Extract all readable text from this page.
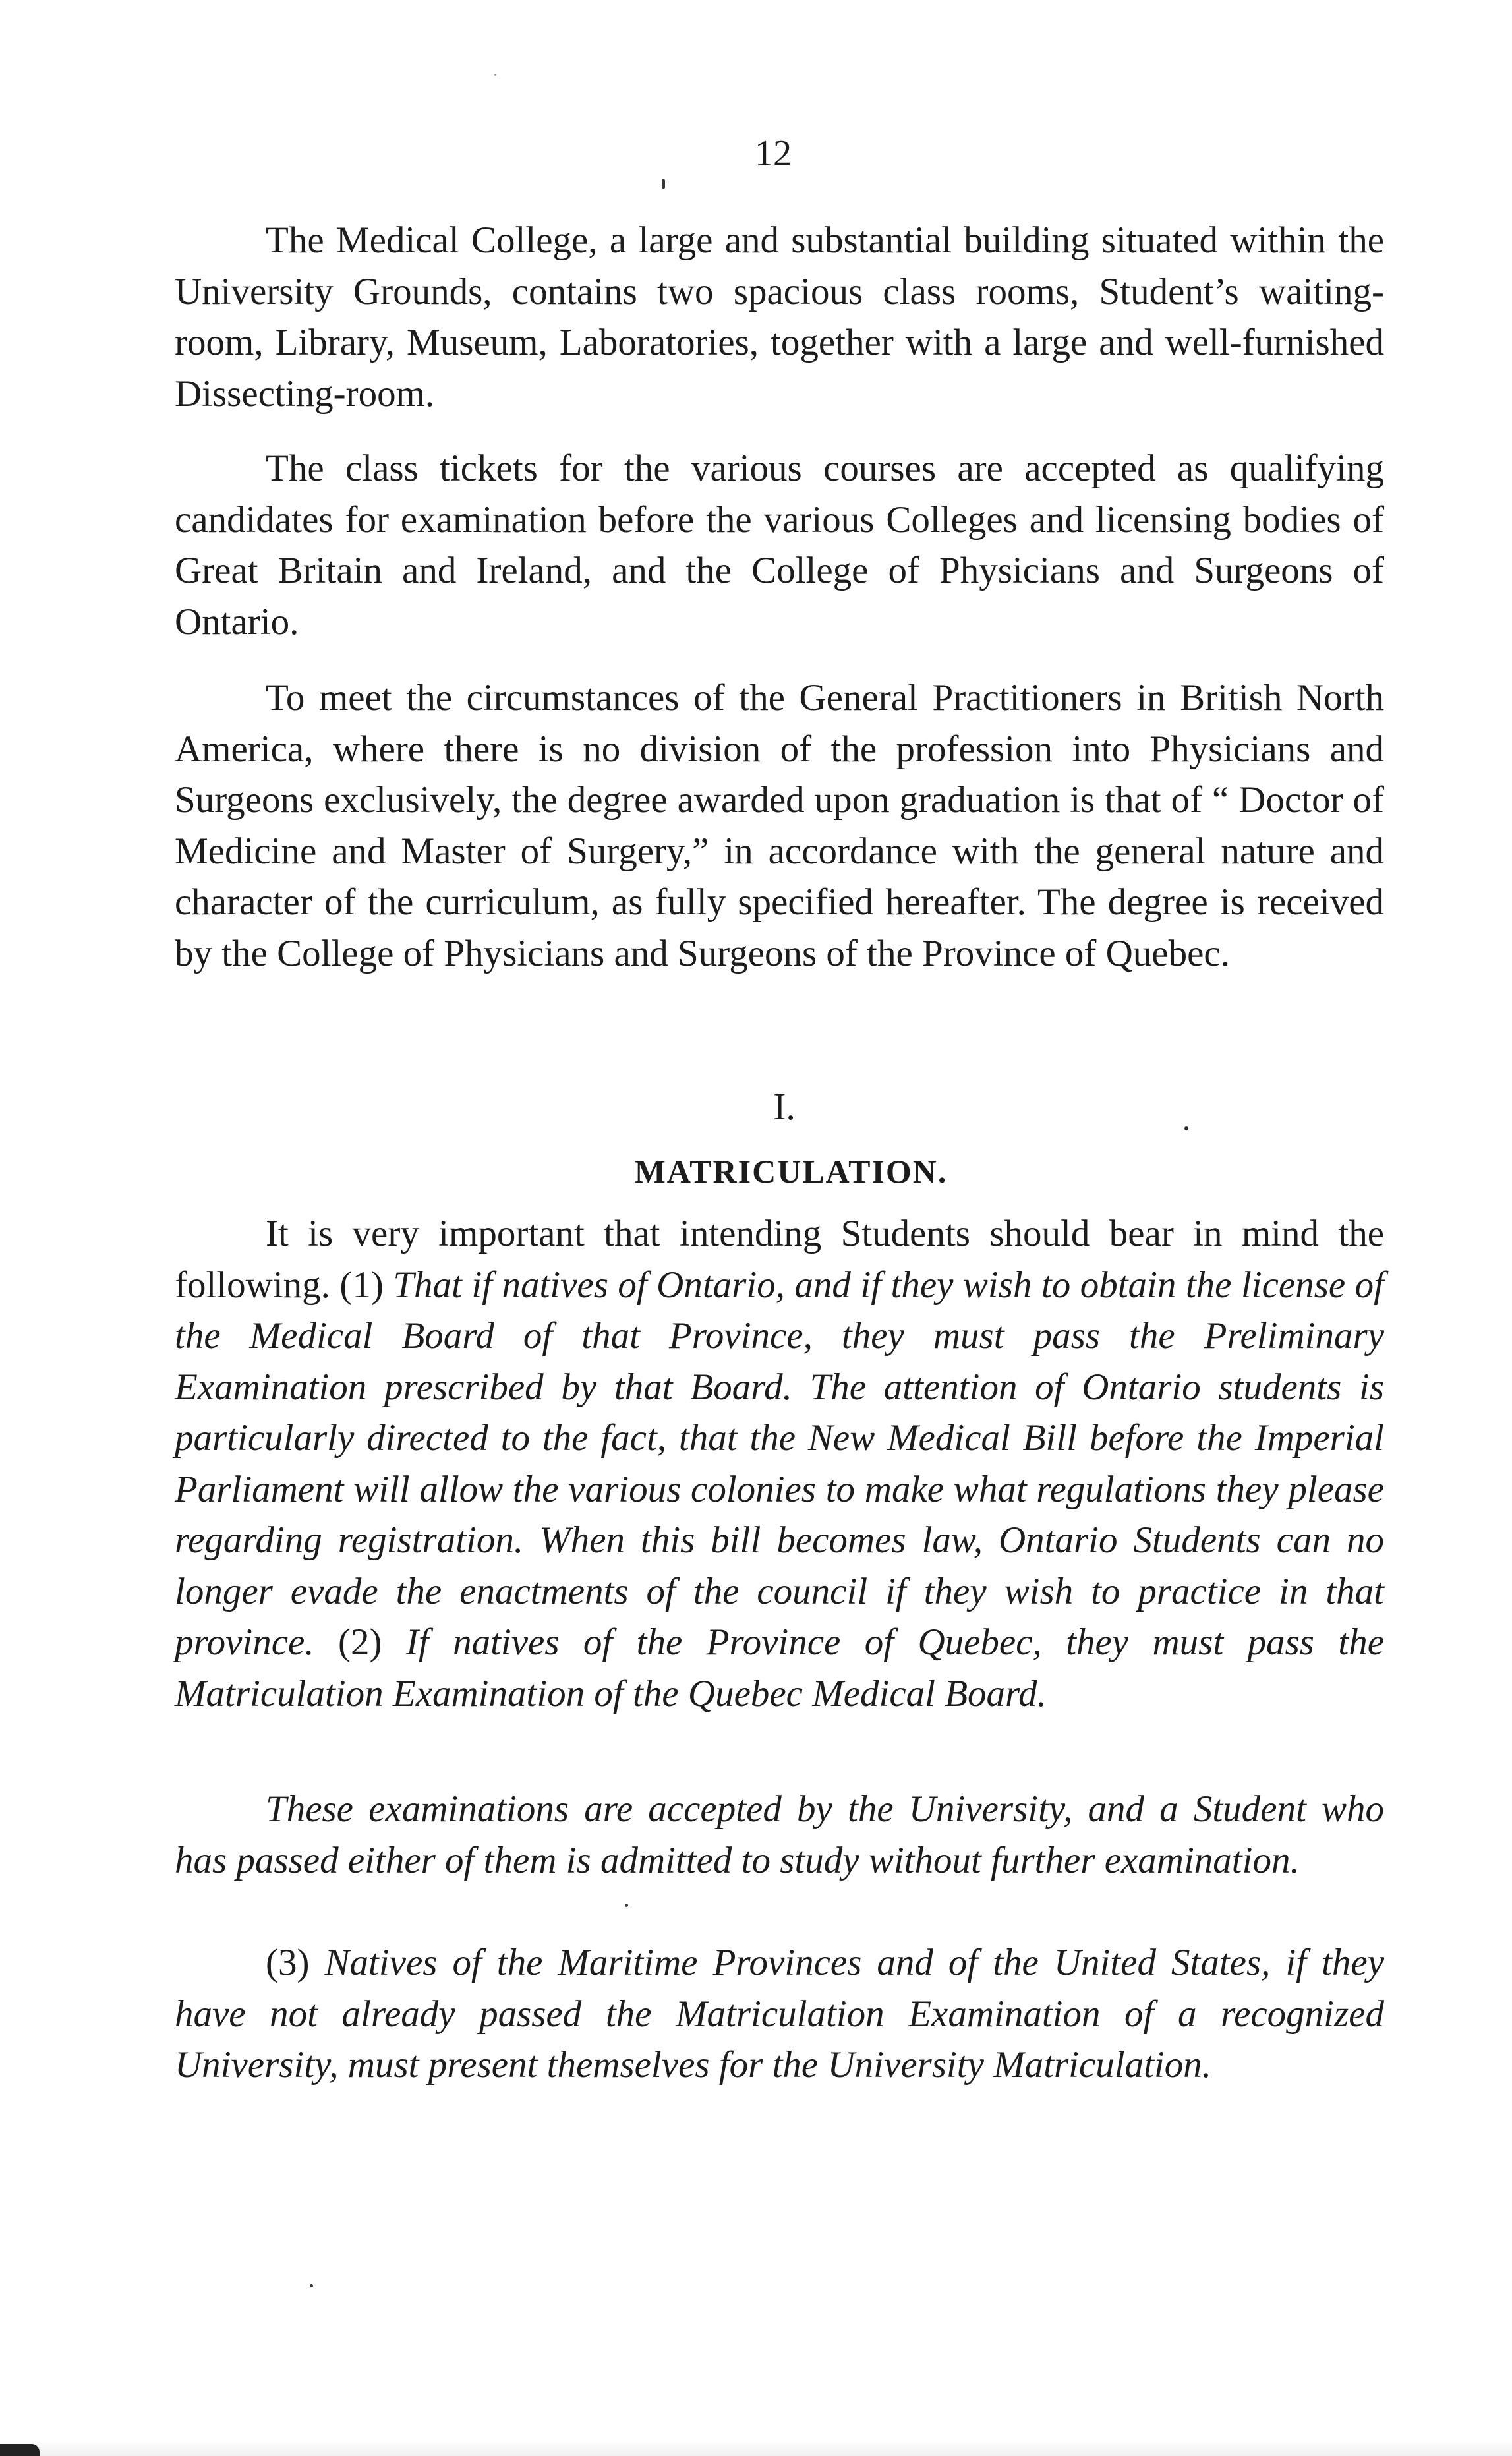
12

The Medical College, a large and substantial building situated within the University Grounds, contains two spacious class rooms, Student’s waiting-room, Library, Museum, Laboratories, together with a large and well-furnished Dissecting-room.

The class tickets for the various courses are accepted as qualifying candidates for examination before the various Colleges and licensing bodies of Great Britain and Ireland, and the College of Physicians and Surgeons of Ontario.

To meet the circumstances of the General Practitioners in British North America, where there is no division of the profession into Physicians and Surgeons exclusively, the degree awarded upon graduation is that of “ Doctor of Medicine and Master of Surgery,” in accordance with the general nature and character of the curriculum, as fully specified hereafter. The degree is received by the College of Physicians and Surgeons of the Province of Quebec.

I.
MATRICULATION.

It is very important that intending Students should bear in mind the following. (1) That if natives of Ontario, and if they wish to obtain the license of the Medical Board of that Province, they must pass the Preliminary Examination prescribed by that Board. The attention of Ontario students is particularly directed to the fact, that the New Medical Bill before the Imperial Parliament will allow the various colonies to make what regulations they please regarding registration. When this bill becomes law, Ontario Students can no longer evade the enactments of the council if they wish to practice in that province. (2) If natives of the Province of Quebec, they must pass the Matriculation Examination of the Quebec Medical Board.

These examinations are accepted by the University, and a Student who has passed either of them is admitted to study without further examination.

(3) Natives of the Maritime Provinces and of the United States, if they have not already passed the Matriculation Examination of a recognized University, must present themselves for the University Matriculation.
